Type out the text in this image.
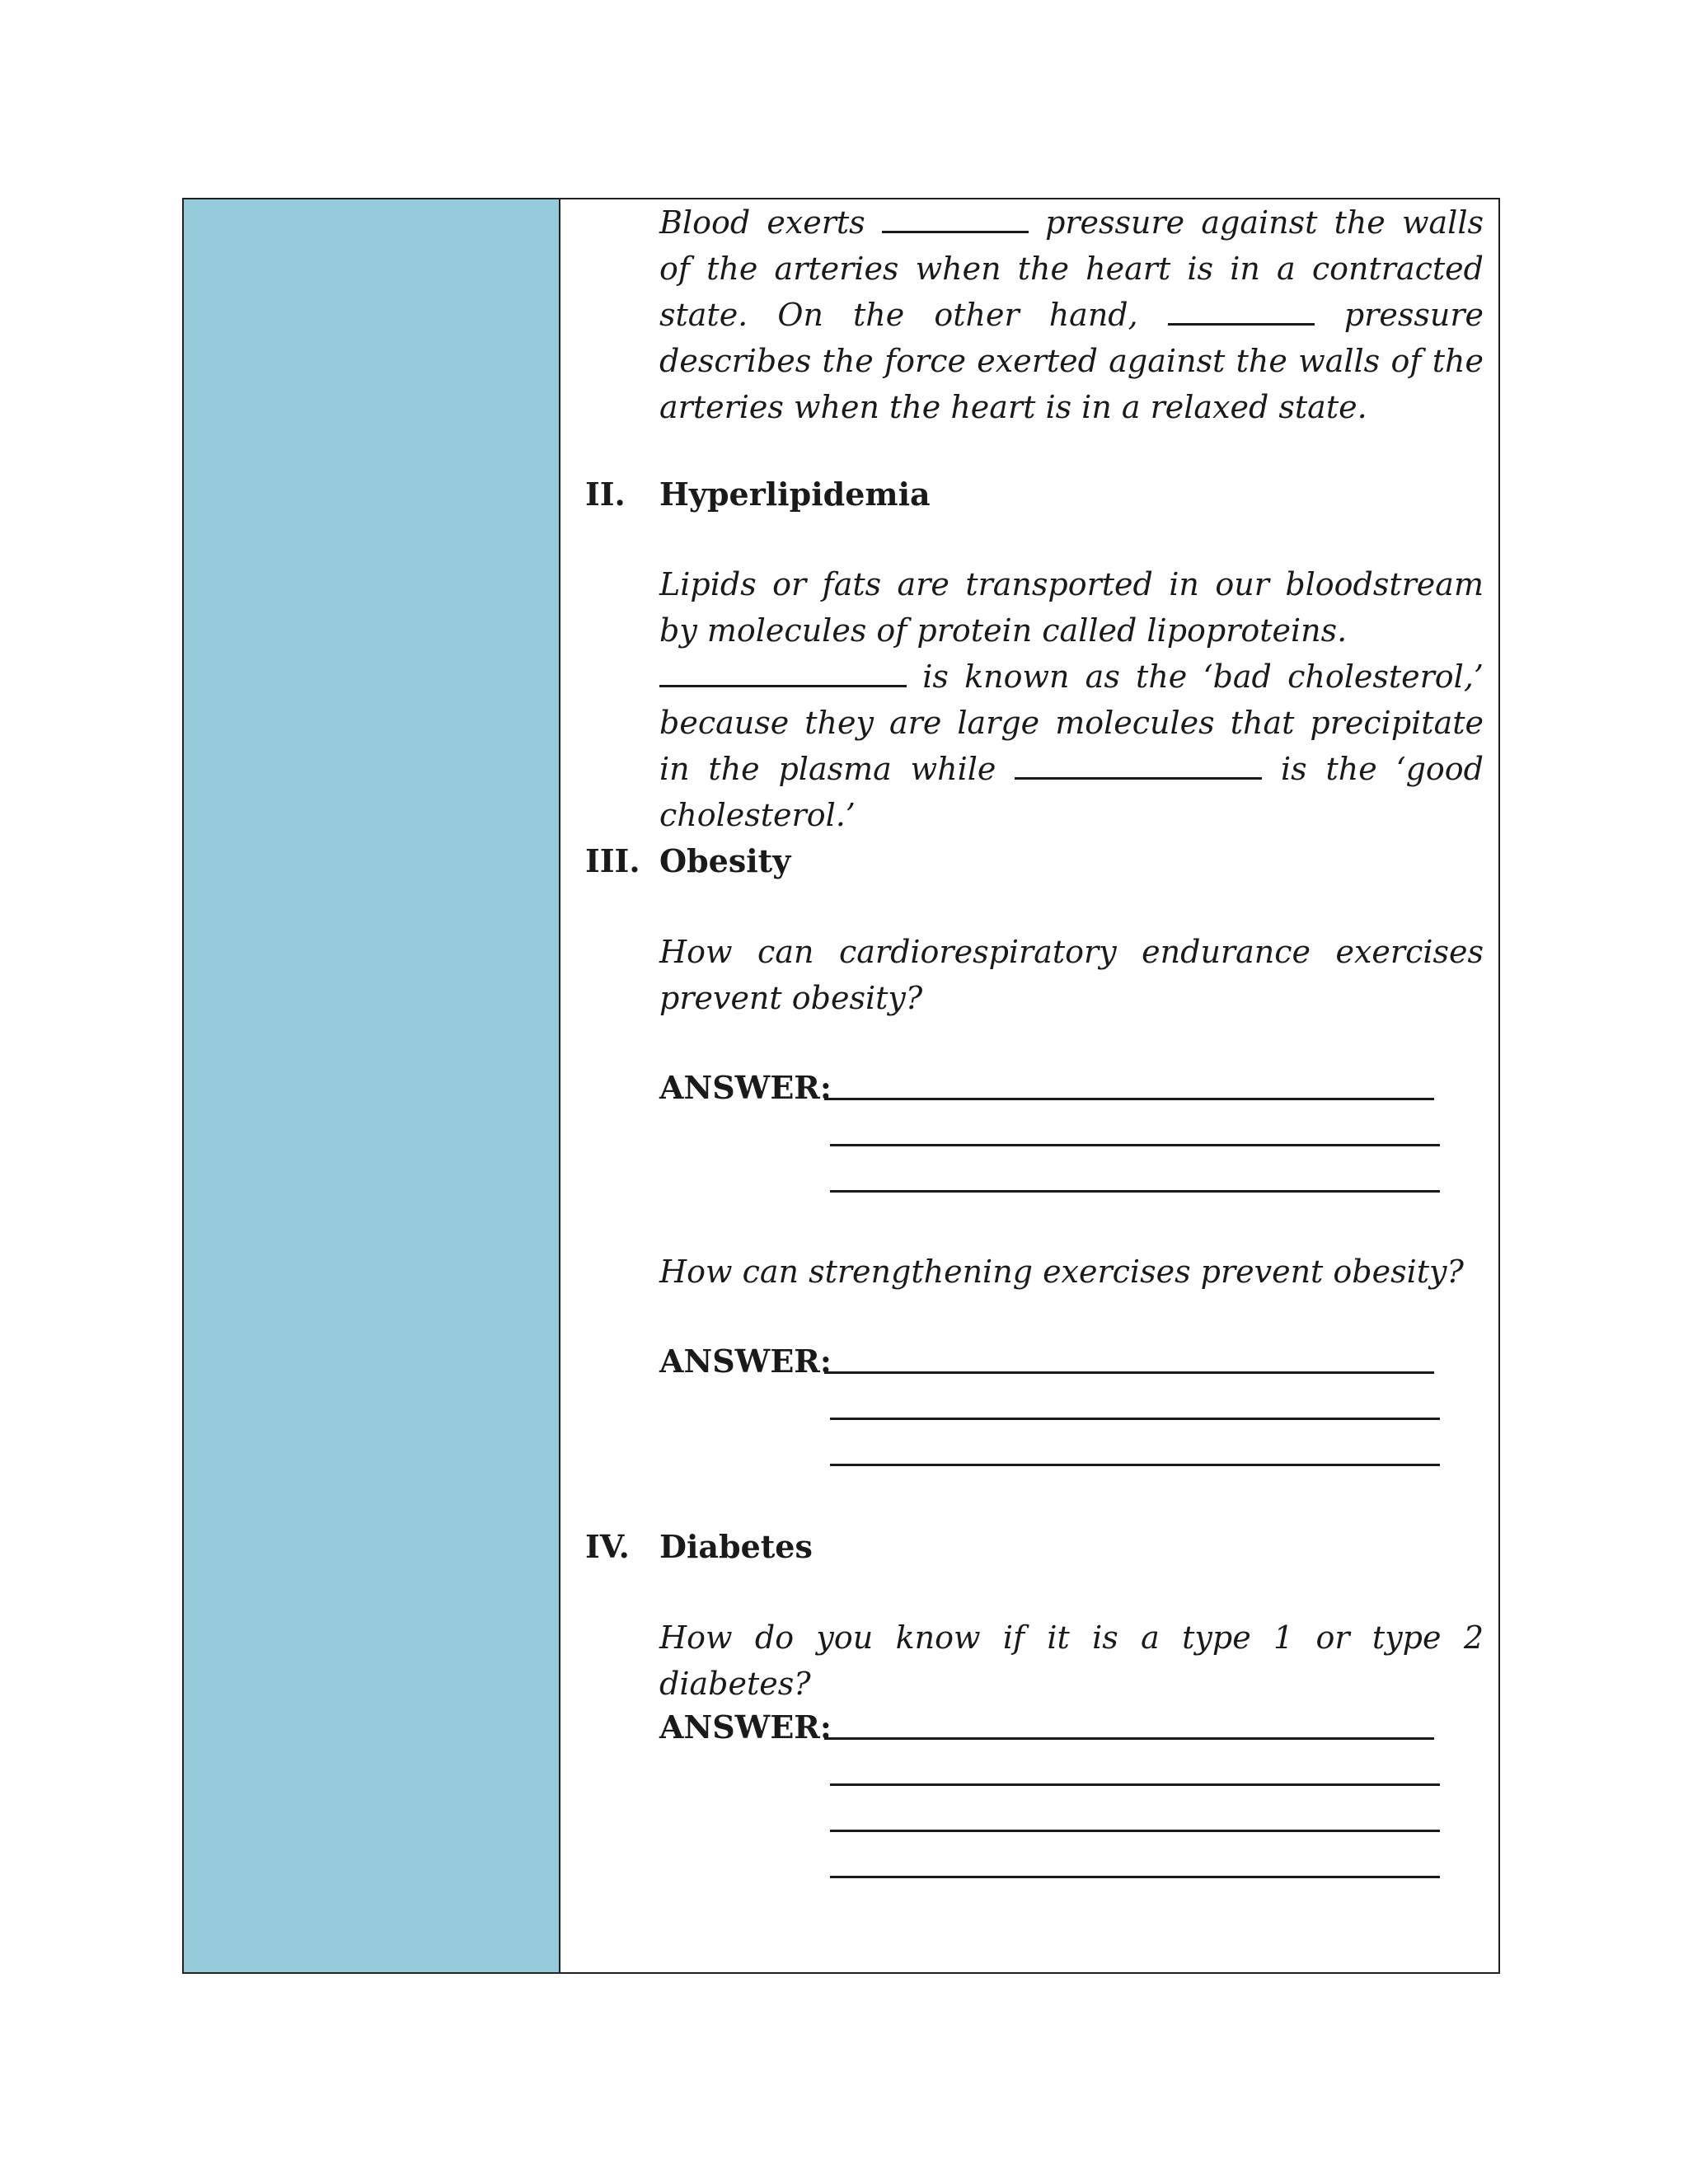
Blood exerts	pressure against the walls of the arteries when the heart is in a contracted state. On the other hand,	pressure describes the force exerted against the walls of the arteries when the heart is in a relaxed state.

II. Hyperlipidemia

Lipids or fats are transported in our bloodstream by molecules of protein called lipoproteins.

is known as the ‘bad cholesterol,’ because they are large molecules that precipitate in the plasma while	is the ‘good cholesterol.’

III. Obesity

How can cardiorespiratory endurance exercises prevent obesity?

ANSWER:

How can strengthening exercises prevent obesity?

ANSWER:
IV. Diabetes

How do you know if it is a type 1 or type 2 diabetes?

ANSWER:
